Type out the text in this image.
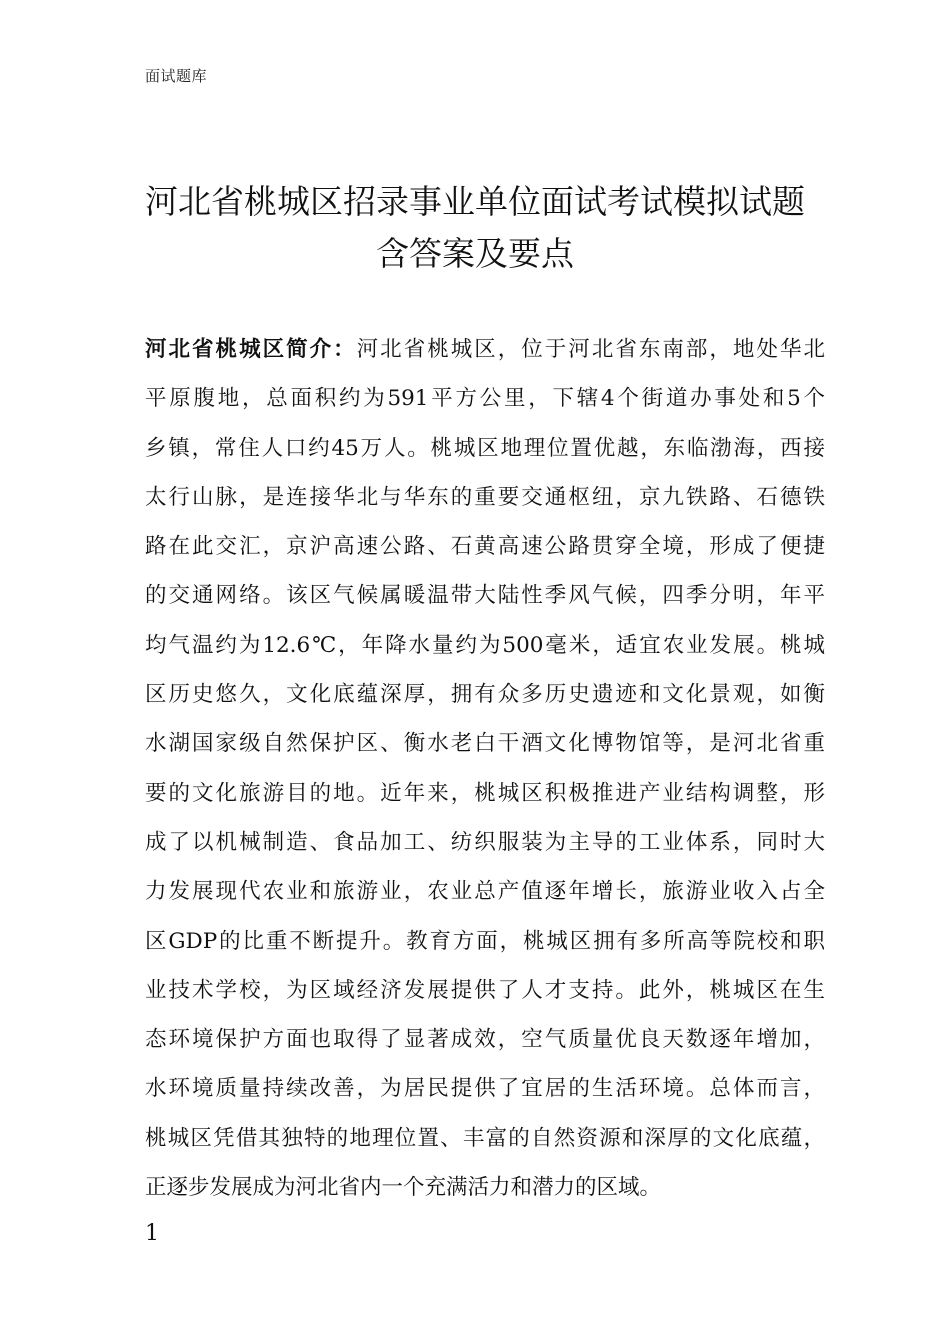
面试题库
河北省桃城区招录事业单位面试考试模拟试题
含答案及要点
河北省桃城区简介：河北省桃城区，位于河北省东南部，地处华北
平原腹地，总面积约为591平方公里，下辖4个街道办事处和5个
乡镇，常住人口约45万人。桃城区地理位置优越，东临渤海，西接
太行山脉，是连接华北与华东的重要交通枢纽，京九铁路、石德铁
路在此交汇，京沪高速公路、石黄高速公路贯穿全境，形成了便捷
的交通网络。该区气候属暖温带大陆性季风气候，四季分明，年平
均气温约为12.6℃，年降水量约为500毫米，适宜农业发展。桃城
区历史悠久，文化底蕴深厚，拥有众多历史遗迹和文化景观，如衡
水湖国家级自然保护区、衡水老白干酒文化博物馆等，是河北省重
要的文化旅游目的地。近年来，桃城区积极推进产业结构调整，形
成了以机械制造、食品加工、纺织服装为主导的工业体系，同时大
力发展现代农业和旅游业，农业总产值逐年增长，旅游业收入占全
区GDP的比重不断提升。教育方面，桃城区拥有多所高等院校和职
业技术学校，为区域经济发展提供了人才支持。此外，桃城区在生
态环境保护方面也取得了显著成效，空气质量优良天数逐年增加，
水环境质量持续改善，为居民提供了宜居的生活环境。总体而言，
桃城区凭借其独特的地理位置、丰富的自然资源和深厚的文化底蕴，
正逐步发展成为河北省内一个充满活力和潜力的区域。
1
